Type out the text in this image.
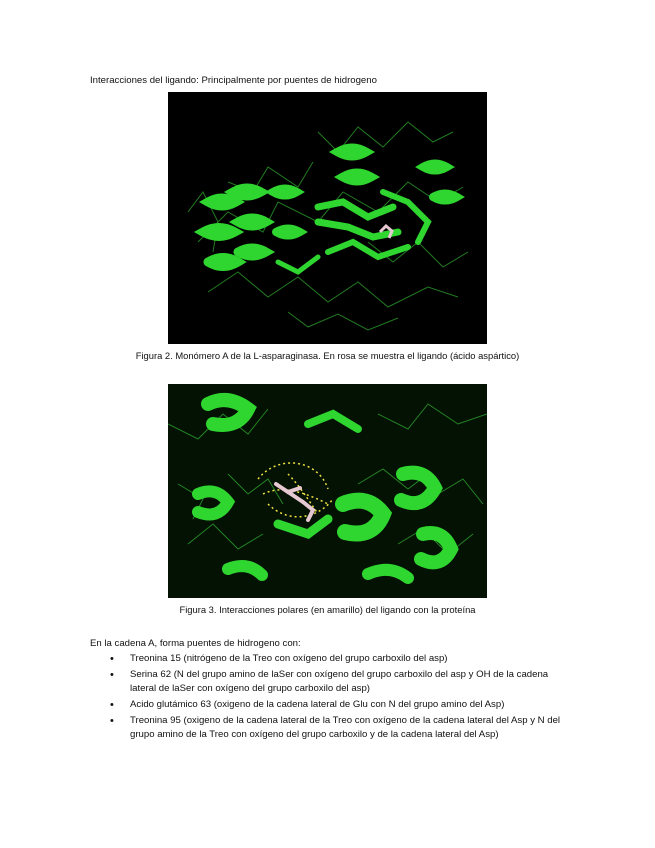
Interacciones del ligando: Principalmente por puentes de hidrogeno
Figura 2. Monómero A de la L-asparaginasa. En rosa se muestra el ligando (ácido aspártico)
Figura 3. Interacciones polares (en amarillo) del ligando con la proteína
En la cadena A, forma puentes de hidrogeno con:
• Treonina 15 (nitrógeno de la Treo con oxígeno del grupo carboxilo del asp)
• Serina 62 (N del grupo amino de laSer con oxígeno del grupo carboxilo del asp y OH de la cadena lateral de laSer con oxígeno del grupo carboxilo del asp)
• Acido glutámico 63 (oxigeno de la cadena lateral de Glu con N del grupo amino del Asp)
• Treonina 95 (oxigeno de la cadena lateral de la Treo con oxígeno de la cadena lateral del Asp y N del grupo amino de la Treo con oxígeno del grupo carboxilo y de la cadena lateral del Asp)
